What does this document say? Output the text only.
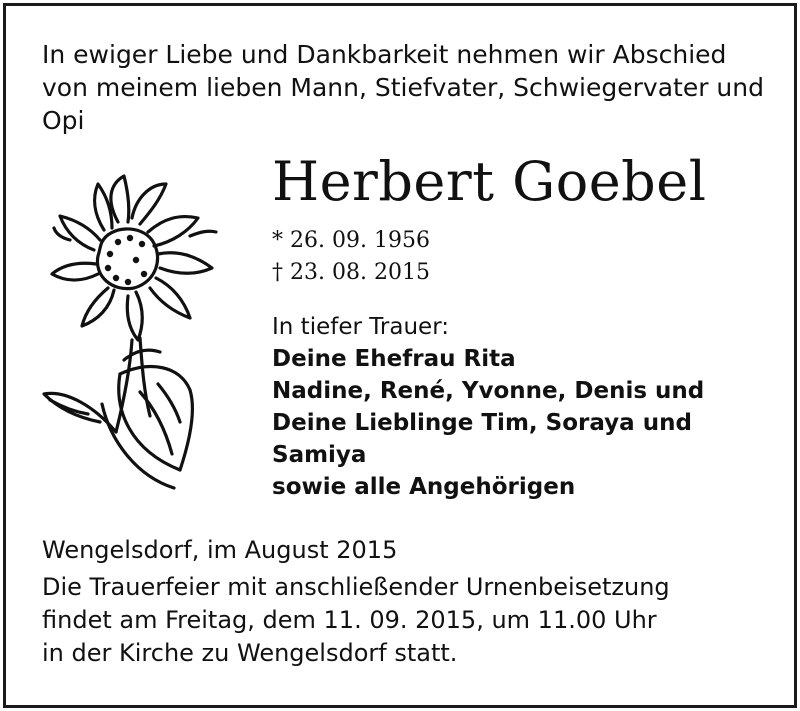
In ewiger Liebe und Dankbarkeit nehmen wir Abschied
von meinem lieben Mann, Stiefvater, Schwiegervater und
Opi
Herbert Goebel
* 26. 09. 1956
† 23. 08. 2015
In tiefer Trauer:
Deine Ehefrau Rita
Nadine, René, Yvonne, Denis und
Deine Lieblinge Tim, Soraya und
Samiya
sowie alle Angehörigen
Wengelsdorf, im August 2015
Die Trauerfeier mit anschließender Urnenbeisetzung
findet am Freitag, dem 11. 09. 2015, um 11.00 Uhr
in der Kirche zu Wengelsdorf statt.
